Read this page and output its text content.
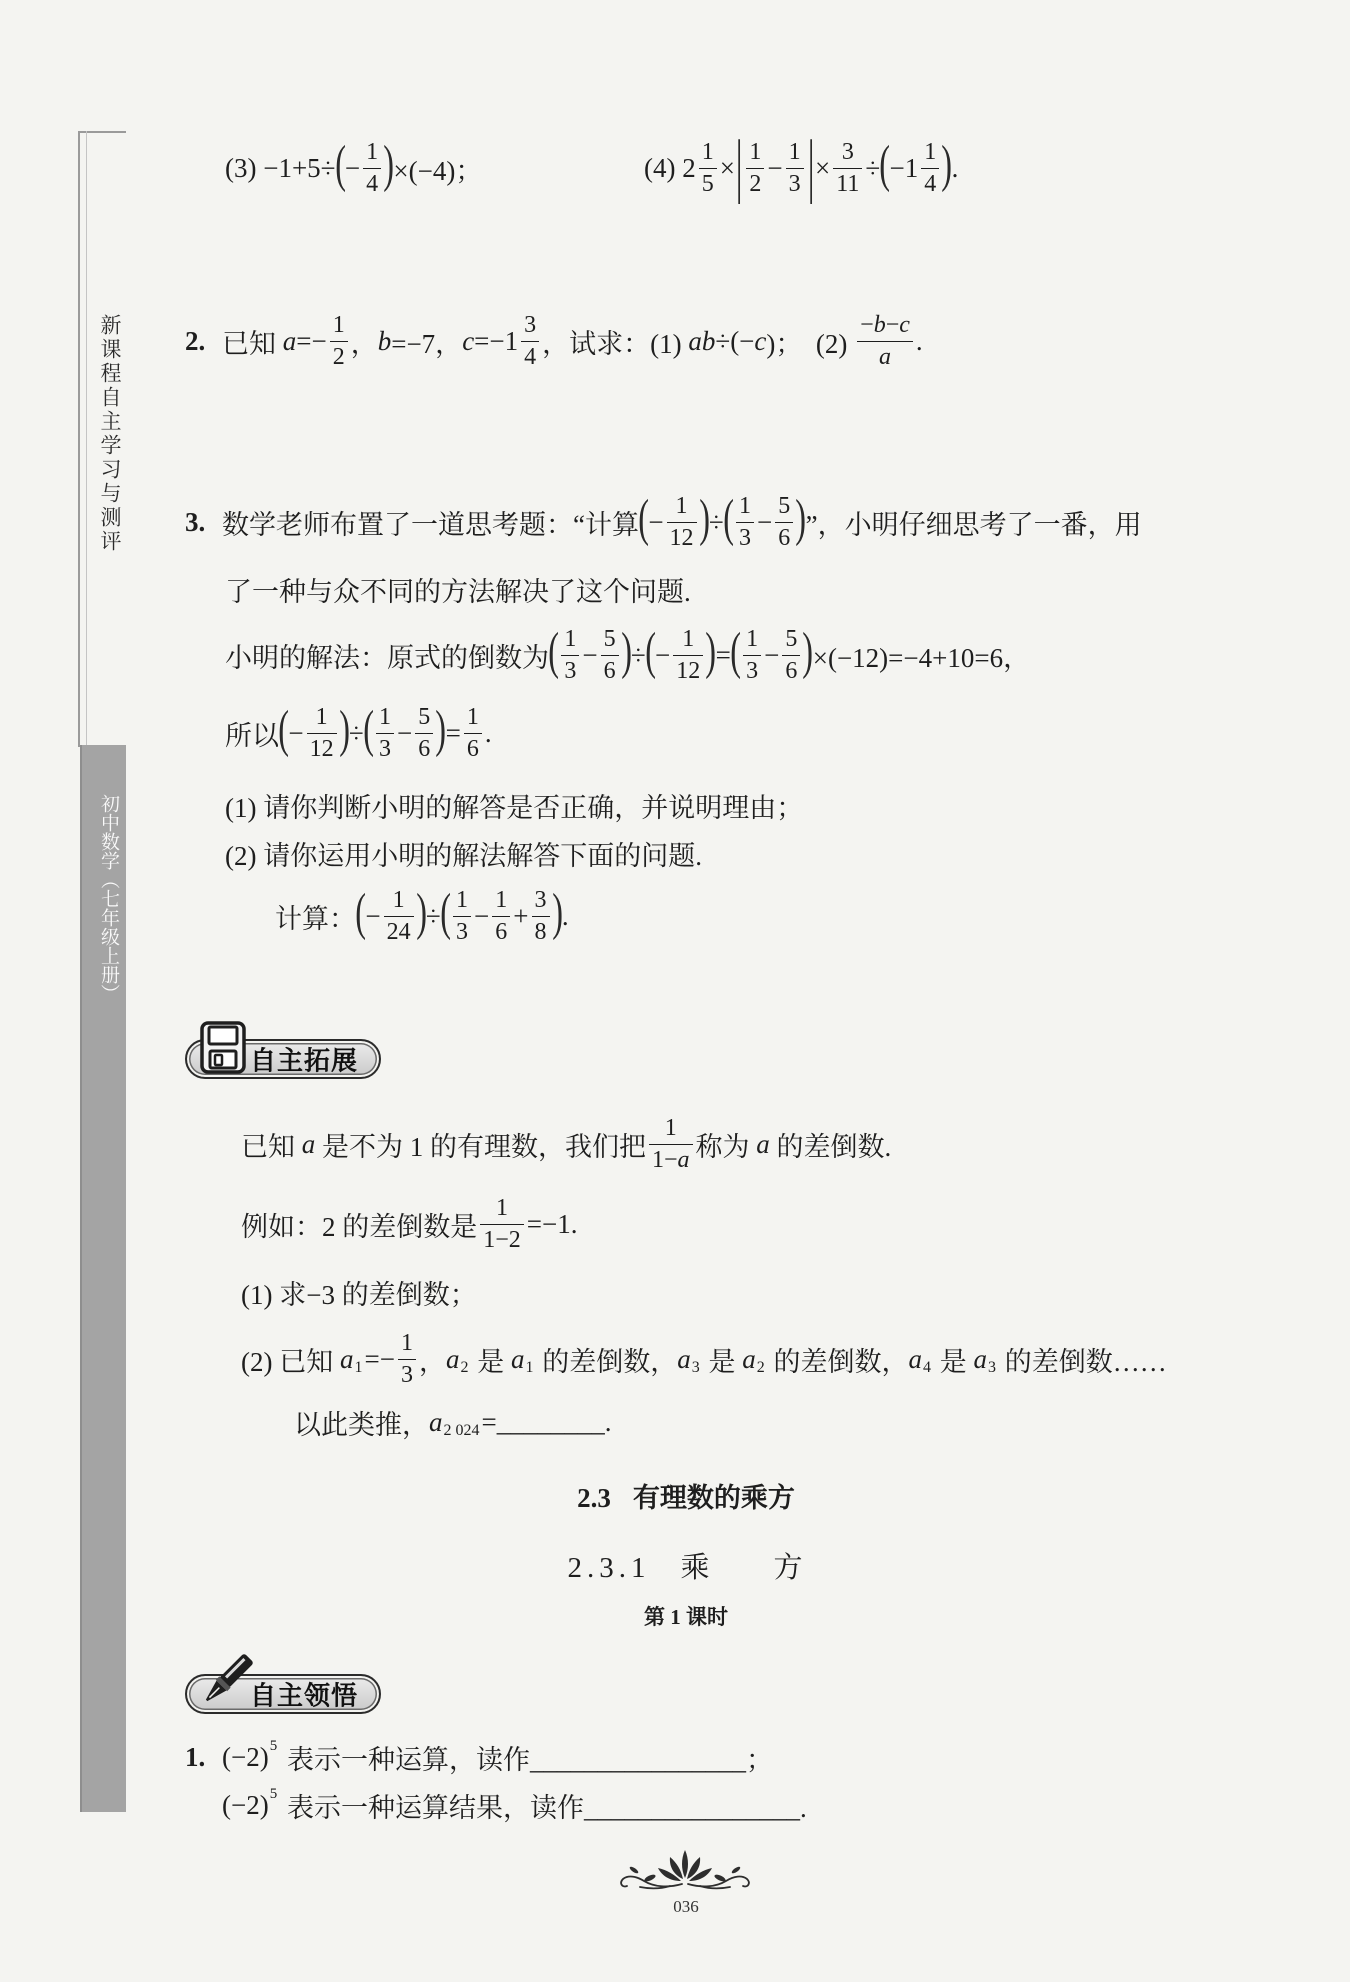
新课程自主学习与测评
初中数学（七年级上册）
(3) −1+5÷ ( − $\frac{1}{4}$ ) ×(−4)；	(4) $2 \frac{1}{5}$ × | $\frac{1}{2} - \frac{1}{3}$ | × $\frac{3}{11}$ ÷ ( $-1 \frac{1}{4}$ ) .
2. 已知 $a =- \frac{1}{2}$ ， b =−7， $c =-1 \frac{3}{4}$ ，试求：(1) ab ÷(− c )；　$(2) \frac{-b-c}{a}$ .
3. 数学老师布置了一道思考题：“计算 ( − $\frac{1}{12}$ ) ÷ ( $\frac{1}{3} - \frac{5}{6}$ ) ”，小明仔细思考了一番，用
了一种与众不同的方法解决了这个问题.
小明的解法：原式的倒数为 ( $\frac{1}{3} - \frac{5}{6}$ ) ÷ ( − $\frac{1}{12}$ ) = ( $\frac{1}{3} - \frac{5}{6}$ ) ×(−12)=−4+10=6，
所以 ( − $\frac{1}{12}$ ) ÷ ( $\frac{1}{3} - \frac{5}{6}$ ) = $\frac{1}{6}$ .
(1) 请你判断小明的解答是否正确，并说明理由；
(2) 请你运用小明的解法解答下面的问题.
计算： ( − $\frac{1}{24}$ ) ÷ ( $\frac{1}{3} - \frac{1}{6} + \frac{3}{8}$ ) .
自主拓展
已知 a 是不为 1 的有理数，我们把 $\frac{1}{1-a}$ 称为 a 的差倒数.
例如：2 的差倒数是 $\frac{1}{1-2} =-1$.
(1) 求−3 的差倒数；
(2) 已知 a $1 =- \frac{1}{3}$ ， a 2 是 a 1 的差倒数， a 3 是 a 2 的差倒数， a 4 是 a 3 的差倒数……
以此类推， a 2 024 =________.
2.3 有理数的乘方
2.3.1 乘　　方
第 1 课时
自主领悟
1. (−2) 5 表示一种运算，读作________________；
(−2) 5 表示一种运算结果，读作________________.
036
